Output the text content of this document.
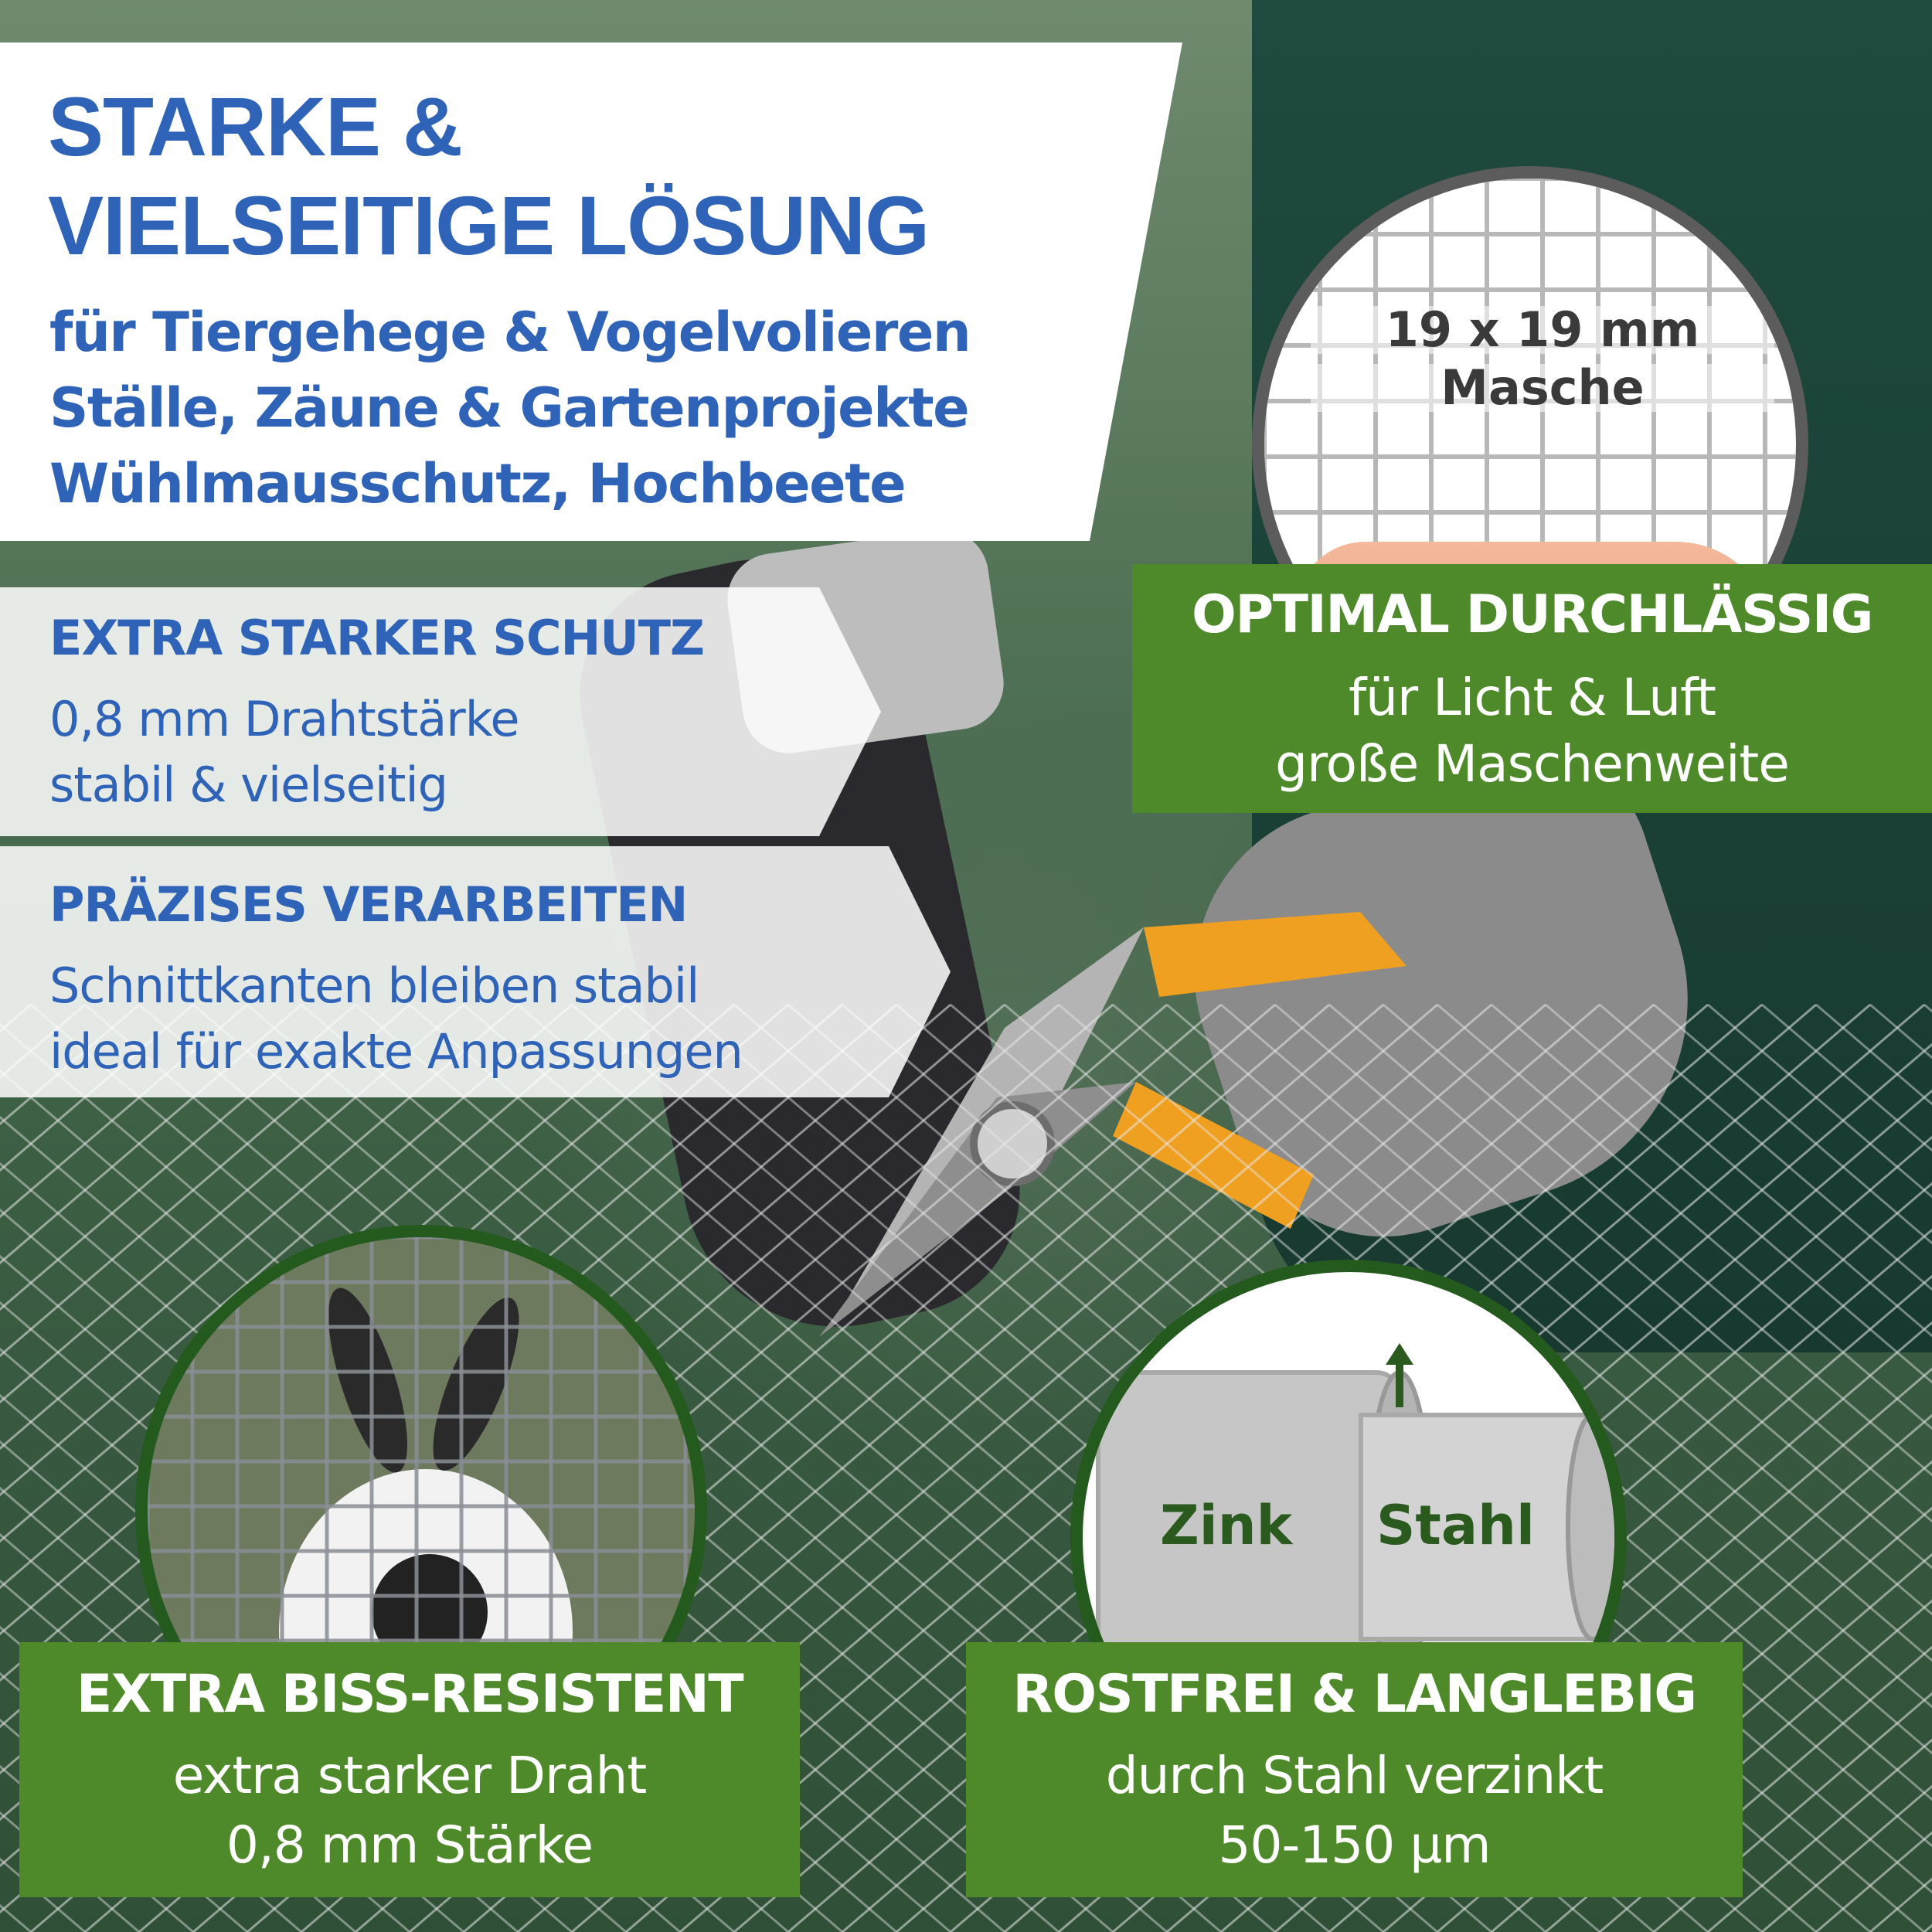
STARKE &
VIELSEITIGE LÖSUNG

für Tiergehege & Vogelvolieren

Ställe, Zäune & Gartenprojekte

Wühlmausschutz, Hochbeete

EXTRA STARKER SCHUTZ

0,8 mm Drahtstärke

stabil & vielseitig

PRÄZISES VERARBEITEN

Schnittkanten bleiben stabil

ideal für exakte Anpassungen

19 x 19 mm

Masche

Zink Stahl

OPTIMAL DURCHLÄSSIG

für Licht & Luft

große Maschenweite

EXTRA BISS-RESISTENT

extra starker Draht

0,8 mm Stärke

ROSTFREI & LANGLEBIG

durch Stahl verzinkt

50-150 µm
